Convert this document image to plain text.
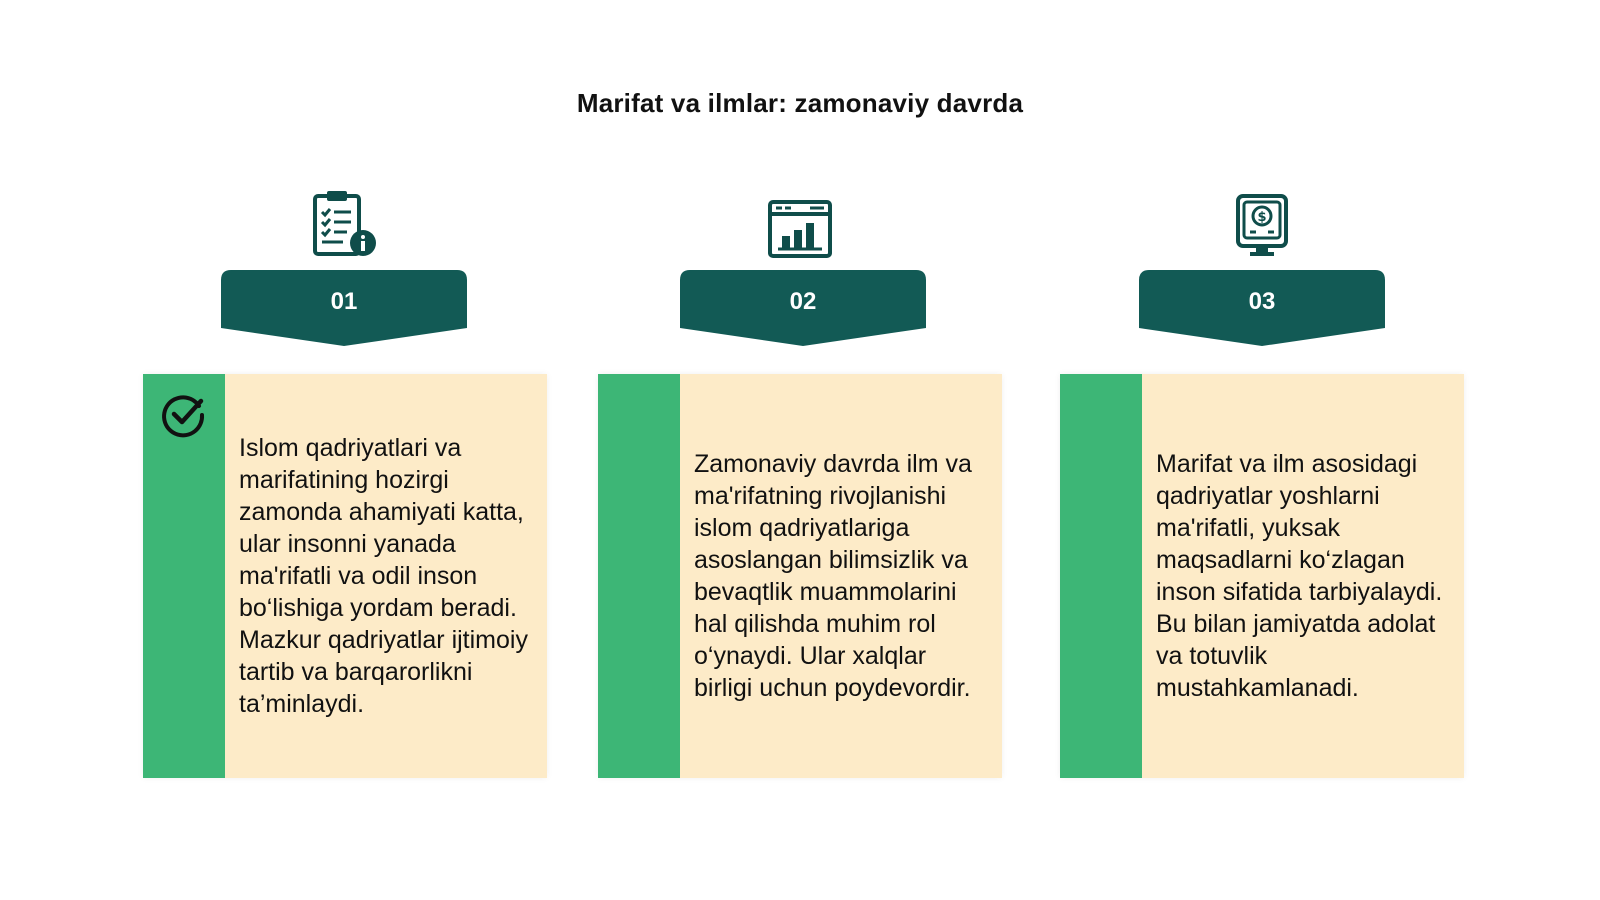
Marifat va ilmlar: zamonaviy davrda
01
Islom qadriyatlari va marifatining hozirgi zamonda ahamiyati katta, ular insonni yanada ma'rifatli va odil inson bo‘lishiga yordam beradi. Mazkur qadriyatlar ijtimoiy tartib va barqarorlikni ta’minlaydi.
02
Zamonaviy davrda ilm va ma'rifatning rivojlanishi islom qadriyatlariga asoslangan bilimsizlik va bevaqtlik muammolarini hal qilishda muhim rol o‘ynaydi. Ular xalqlar birligi uchun poydevordir.
$
03
Marifat va ilm asosidagi qadriyatlar yoshlarni ma'rifatli, yuksak maqsadlarni ko‘zlagan inson sifatida tarbiyalaydi. Bu bilan jamiyatda adolat va totuvlik mustahkamlanadi.
